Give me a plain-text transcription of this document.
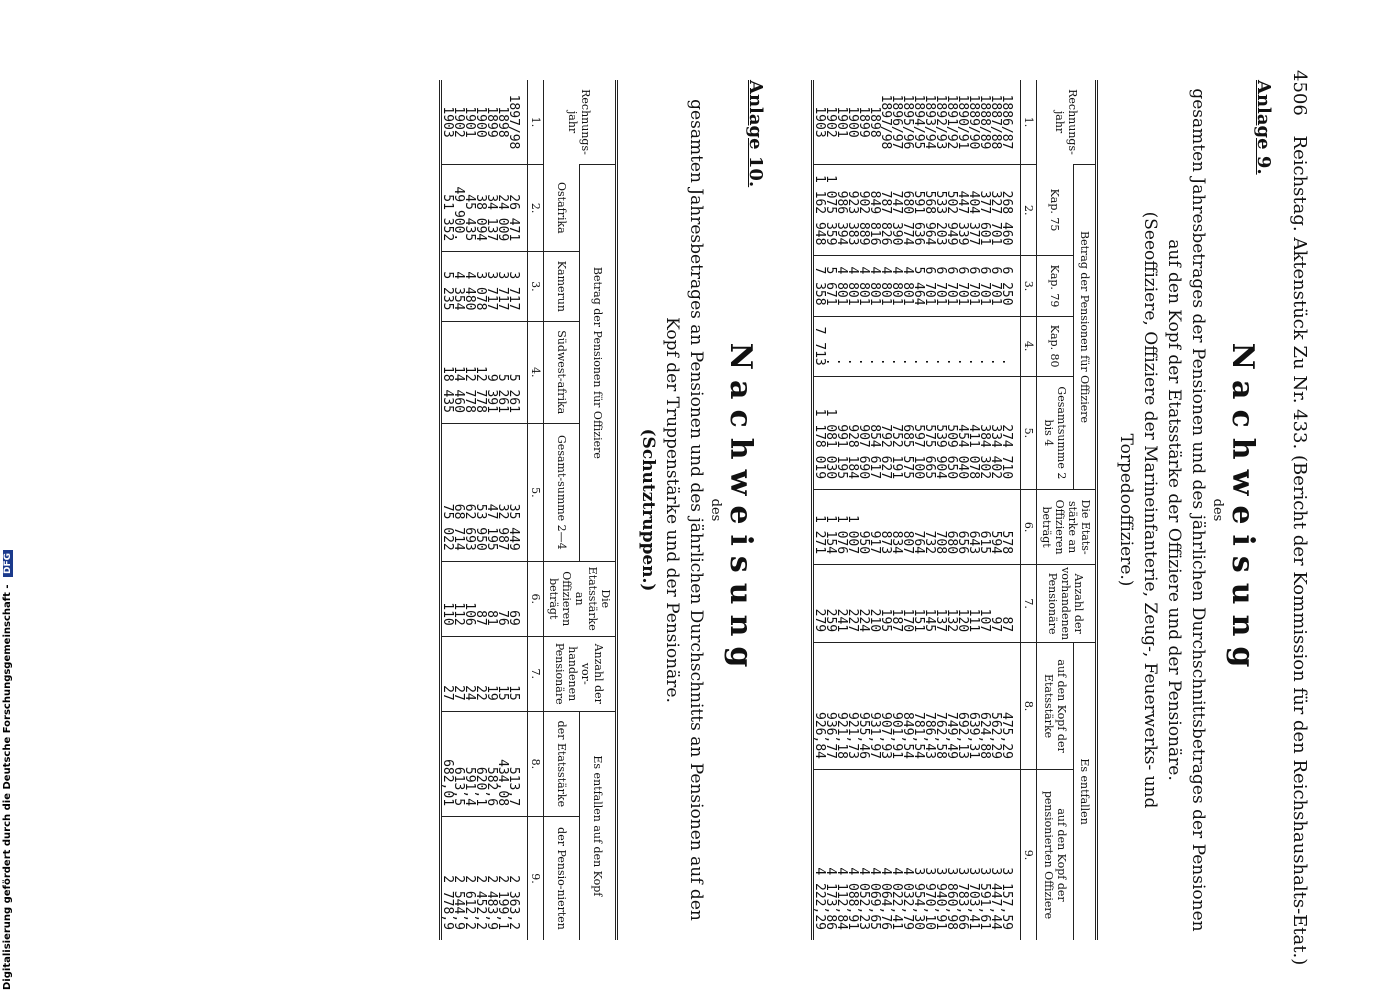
Digitalisierung gefördert durch die Deutsche Forschungsgemeinschaft - DFG
4506 Reichstag. Aktenstück Zu Nr. 433. (Bericht der Kommission für den Reichshaushalts-Etat.)
Anlage 9.
Nachweisung
des
gesamten Jahresbetrages der Pensionen und des jährlichen Durchschnittsbetrages der Pensionen
auf den Kopf der Etatsstärke der Offiziere und der Pensionäre.
(Seeoffiziere, Offiziere der Marineinfanterie, Zeug-, Feuerwerks- und
Torpedooffiziere.)
Rechnungs-jahr	Betrag der Pensionen für Offiziere				Die Etats-stärke an Offizieren beträgt	Anzahl der vorhandenen Pensionäre	Es entfallen	
	Kap. 75	Kap. 79	Kap. 80	Gesamtsumme 2 bis 4			auf den Kopf der Etatsstärke	auf den Kopf der pensionierten Offiziere
1.	2.	3.	4.	5.	6.	7.	8.	9.
1886/87	268 460	6 250	.	274 710	578	87	475,29	3 157,59
1887/88	327 701	6 701	.	334 402	594	97	562,29	3 447,44
1888/89	377 601	6 701	.	384 302	615	107	624,88	3 591,61
1889/90	404 377	6 701	.	411 078	643	111	639,31	3 703,41
1890/91	447 339	6 701	.	454 040	656	120	692,13	3 783,66
1891/92	502 949	6 701	.	509 650	680	132	749,49	3 860,98
1892/93	533 203	6 701	.	539 904	708	137	762,58	3 940,91
1893/94	568 964	6 701	.	575 665	732	145	786,43	3 970,10
1894/95	591 636	5 464	.	597 100	764	151	781,54	3 954,30
1895/96	680 774	4 801	.	685 575	807	170	849,54	4 032,79
1896/97	747 390	4 801	.	752 191	834	187	901,91	4 022,41
1897/98	787 826	4 801	.	792 627	873	195	907,93	4 064,76
1898	849 816	4 801	.	854 617	917	210	931,97	4 069,65
1899	902 889	4 801	.	907 690	950	224	955,46	4 052,23
1900	923 383	4 801	.	928 184	1 007	227	921,73	4 088,91
1901	986 394	4 801	.	991 195	1 076	241	921,18	4 112,84
1902	1 075 359	5 671	.	1 081 030	1 154	259	936,77	4 173,86
1903	1 162 948	7 358	7 713	1 178 019	1 271	279	926,84	4 222,29
Anlage 10.
Nachweisung
des
gesamten Jahresbetrages an Pensionen und des jährlichen Durchschnitts an Pensionen auf den
Kopf der Truppenstärke und der Pensionäre.
(Schutztruppen.)
Rechnungs-jahr	Betrag der Pensionen für Offiziere				Die Etatsstärke an Offizieren beträgt	Anzahl der vor-handenen Pensionäre	Es entfallen auf den Kopf	
	Ostafrika	Kamerun	Südwest-afrika	Gesamt-summe 2—4			der Etatsstärke	der Pensio-nierten
1.	2.	3.	4.	5.	6.	7.	8.	9.
1897/98	26 471	3 717	5 261	35 449	69	15	513,7	2 363,2
1898	24 009	3 717	5 261	32 987	76	15	434,08	2 199,1
1899	34 137	3 717	9 391	47 195	81	19	582,6	2 483,9
1900	38 094	3 078	12 778	53 950	87	22	620,1	2 452,2
1901	45 435	4 480	12 778	62 693	106	24	591,4	2 612,2
1902	49 900.	4 354	14 460	68 714	112	27	613,5	2 544,9
1903	51 352	5 235	18 435	75 022	110	27	682,01	2 778,9
